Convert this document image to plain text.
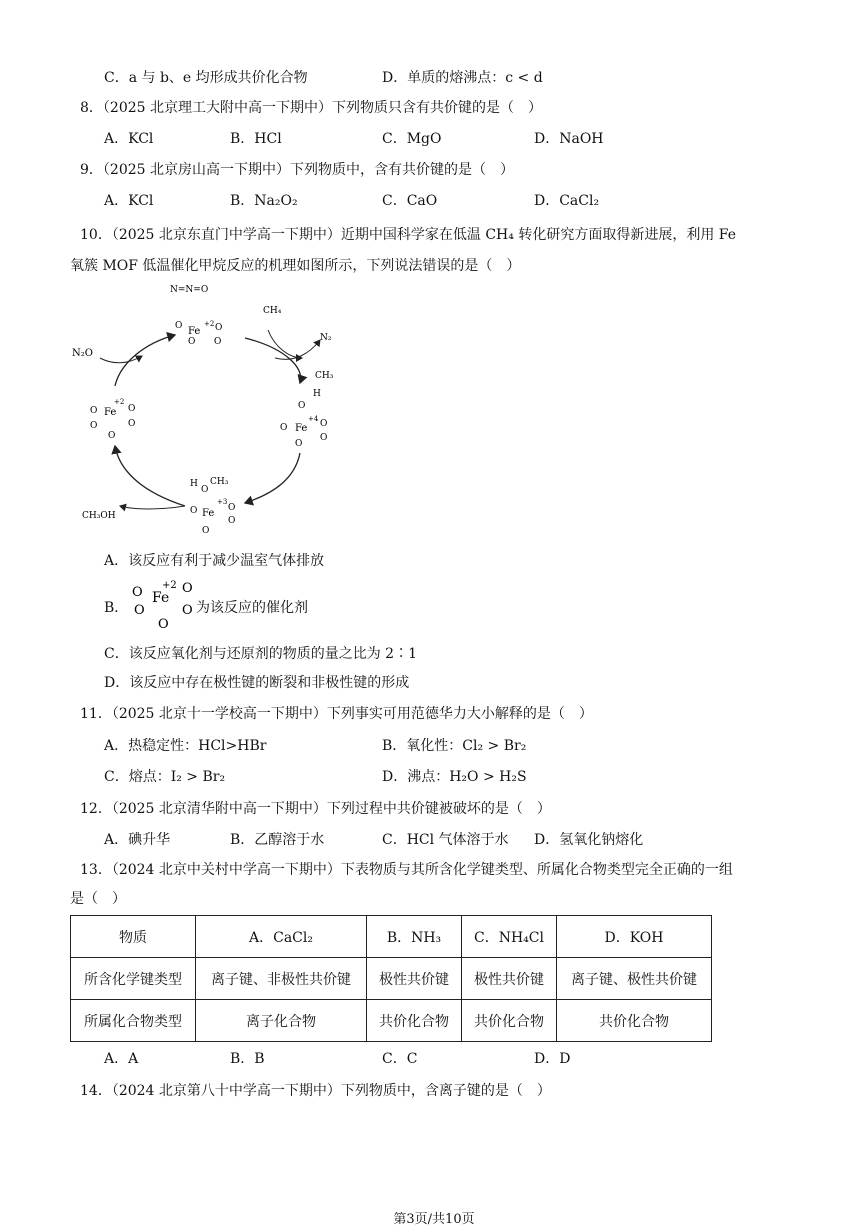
C．a 与 b、e 均形成共价化合物	D．单质的熔沸点：c < d
8．（2025 北京理工大附中高一下期中）下列物质只含有共价键的是（　）
A．KCl	B．HCl	C．MgO	D．NaOH
9．（2025 北京房山高一下期中）下列物质中，含有共价键的是（　）
A．KCl	B．Na₂O₂	C．CaO	D．CaCl₂
10．（2025 北京东直门中学高一下期中）近期中国科学家在低温 CH₄ 转化研究方面取得新进展，利用 Fe
氧簇 MOF 低温催化甲烷反应的机理如图所示，下列说法错误的是（　）
N=N=O
O Fe
+2 O
O O
N₂O
CH₄
N₂
CH₃
H
O
O Fe
+4 O
O
O
H
O
CH₃
O Fe
+3
O
O
O
CH₃OH
O Fe
+2
O
O	O
O
A．该反应有利于减少温室气体排放
B．
O Fe
+2 O
O	O
O
为该反应的催化剂
C．该反应氧化剂与还原剂的物质的量之比为 2∶1
D．该反应中存在极性键的断裂和非极性键的形成
11．（2025 北京十一学校高一下期中）下列事实可用范德华力大小解释的是（　）
A．热稳定性：HCl>HBr	B．氧化性：Cl₂ > Br₂
C．熔点：I₂ > Br₂	D．沸点：H₂O > H₂S
12．（2025 北京清华附中高一下期中）下列过程中共价键被破坏的是（　）
A．碘升华	B．乙醇溶于水	C．HCl 气体溶于水 D．氢氧化钠熔化
13．（2024 北京中关村中学高一下期中）下表物质与其所含化学键类型、所属化合物类型完全正确的一组
是（　）
物质	A．CaCl₂	B．NH₃	C．NH₄Cl	D．KOH
所含化学键类型	离子键、非极性共价键	极性共价键	极性共价键	离子键、极性共价键
所属化合物类型	离子化合物	共价化合物	共价化合物	共价化合物
A．A	B．B	C．C	D．D
14．（2024 北京第八十中学高一下期中）下列物质中，含离子键的是（　）
第3页/共10页
